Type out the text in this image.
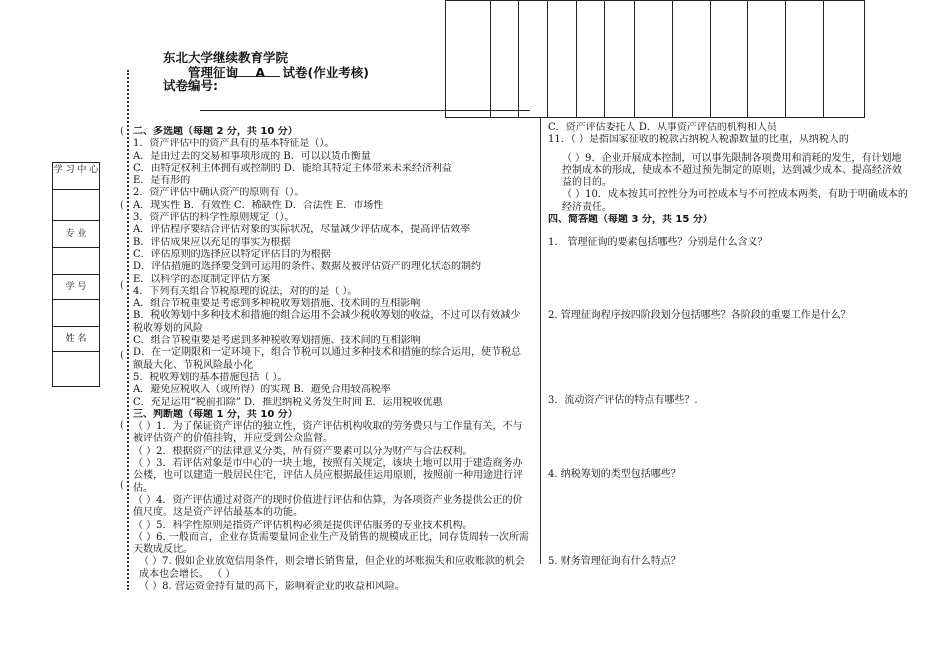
东北大学继续教育学院
管理征询    A    试卷(作业考核)
试卷编号:
(
(
(
(
(
(
学 习 中 心
专 业
学 号
姓 名
二、多选题（每题 2 分，共 10 分）
1．资产评估中的资产具有的基本特征是（）。
A．是由过去的交易和事项形成的 B．可以以货币衡量
C．由特定权利主体拥有或控制的 D．能给其特定主体带来未来经济利益
E．是有形的
2．资产评估中确认资产的原则有（）。
A．现实性 B．有效性 C．稀缺性 D．合法性 E．市场性
3．资产评估的科学性原则规定（）。
A．评估程序要结合评估对象的实际状况，尽量减少评估成本，提高评估效率
B．评估成果应以充足的事实为根据
C．评估原则的选择应以特定评估目的为根据
D．评估措施的选择要受到可运用的条件、数据及被评估资产的理化状态的制约
E．以科学的态度制定评估方案
4．下列有关组合节税原理的说法，对的的是（ ）。
A．组合节税重要是考虑到多种税收筹划措施、技术间的互相影响
B．税收筹划中多种技术和措施的组合运用不会减少税收筹划的收益，不过可以有效减少税收筹划的风险
C．组合节税重要是考虑到多种税收筹划措施、技术间的互相影响
D．在一定期限和一定环境下，组合节税可以通过多种技术和措施的综合运用，使节税总额最大化、节税风险最小化
5．税收筹划的基本措施包括（ ）。
A．避免应税收入（或所得）的实现 B．避免合用较高税率
C．充足运用“税前扣除” D．推迟纳税义务发生时间 E．运用税收优惠
三、判断题（每题 1 分，共 10 分）
（ ）1．为了保证资产评估的独立性，资产评估机构收取的劳务费只与工作量有关，不与被评估资产的价值挂钩，并应受到公众监督。
（ ）2．根据资产的法律意义分类，所有资产要素可以分为财产与合法权利。
（ ）3．若评估对象是市中心的一块土地，按照有关规定，该块土地可以用于建造商务办公楼，也可以建造一般居民住宅，评估人员应根据最佳运用原则，按照前一种用途进行评估。
（ ）4．资产评估通过对资产的现时价值进行评估和估算，为各项资产业务提供公正的价值尺度。这是资产评估最基本的功能。
（ ）5．科学性原则是指资产评估机构必须是提供评估服务的专业技术机构。
（ ）6. 一般而言，企业存货需要量同企业生产及销售的规模成正比，同存货周转一次所需天数成反比。
（ ）7. 假如企业放宽信用条件，则会增长销售量，但企业的坏账损失和应收账款的机会成本也会增长。 （ ）
（ ）8. 营运资金持有量的高下，影响着企业的收益和风险。
C．资产评估委托人 D．从事资产评估的机构和人员
11．（ ）是指国家征收的税款占纳税人税源数量的比重，从纳税人的
（ ）9．企业开展成本控制，可以事先限制各项费用和消耗的发生，有计划地控制成本的形成，使成本不超过预先制定的原则，达到减少成本、提高经济效益的目的。
（ ）10．成本按其可控性分为可控成本与不可控成本两类，有助于明确成本的经济责任。
四、简答题（每题 3 分，共 15 分）
1． 管理征询的要素包括哪些？分别是什么含义？
2. 管理征询程序按四阶段划分包括哪些？各阶段的重要工作是什么？
3．流动资产评估的特点有哪些？.
4. 纳税筹划的类型包括哪些？
5. 财务管理征询有什么特点？
